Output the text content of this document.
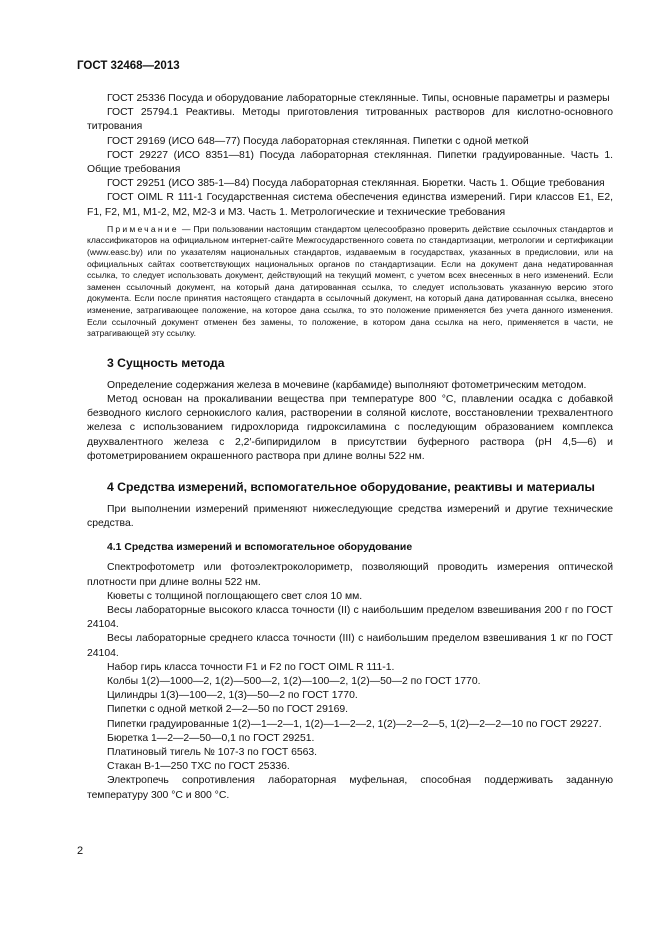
ГОСТ 32468—2013

ГОСТ 25336 Посуда и оборудование лабораторные стеклянные. Типы, основные параметры и размеры

ГОСТ 25794.1 Реактивы. Методы приготовления титрованных растворов для кислотно-основного титрования

ГОСТ 29169 (ИСО 648—77) Посуда лабораторная стеклянная. Пипетки с одной меткой

ГОСТ 29227 (ИСО 8351—81) Посуда лабораторная стеклянная. Пипетки градуированные. Часть 1. Общие требования

ГОСТ 29251 (ИСО 385-1—84) Посуда лабораторная стеклянная. Бюретки. Часть 1. Общие требования

ГОСТ OIML R 111-1 Государственная система обеспечения единства измерений. Гири классов E1, E2, F1, F2, M1, M1-2, M2, M2-3 и M3. Часть 1. Метрологические и технические требования

Примечание — При пользовании настоящим стандартом целесообразно проверить действие ссылочных стандартов и классификаторов на официальном интернет-сайте Межгосударственного совета по стандартизации, метрологии и сертификации (www.easc.by) или по указателям национальных стандартов, издаваемым в государствах, указанных в предисловии, или на официальных сайтах соответствующих национальных органов по стандартизации. Если на документ дана недатированная ссылка, то следует использовать документ, действующий на текущий момент, с учетом всех внесенных в него изменений. Если заменен ссылочный документ, на который дана датированная ссылка, то следует использовать указанную версию этого документа. Если после принятия настоящего стандарта в ссылочный документ, на который дана датированная ссылка, внесено изменение, затрагивающее положение, на которое дана ссылка, то это положение применяется без учета данного изменения. Если ссылочный документ отменен без замены, то положение, в котором дана ссылка на него, применяется в части, не затрагивающей эту ссылку.

3 Сущность метода

Определение содержания железа в мочевине (карбамиде) выполняют фотометрическим методом.

Метод основан на прокаливании вещества при температуре 800 °С, плавлении осадка с добавкой безводного кислого сернокислого калия, растворении в соляной кислоте, восстановлении трехвалентного железа с использованием гидрохлорида гидроксиламина с последующим образованием комплекса двухвалентного железа с 2,2′-бипиридилом в присутствии буферного раствора (pH 4,5—6) и фотометрированием окрашенного раствора при длине волны 522 нм.

4 Средства измерений, вспомогательное оборудование, реактивы и материалы

При выполнении измерений применяют нижеследующие средства измерений и другие технические средства.

4.1 Средства измерений и вспомогательное оборудование

Спектрофотометр или фотоэлектроколориметр, позволяющий проводить измерения оптической плотности при длине волны 522 нм.

Кюветы с толщиной поглощающего свет слоя 10 мм.

Весы лабораторные высокого класса точности (II) с наибольшим пределом взвешивания 200 г по ГОСТ 24104.

Весы лабораторные среднего класса точности (III) с наибольшим пределом взвешивания 1 кг по ГОСТ 24104.

Набор гирь класса точности F1 и F2 по ГОСТ OIML R 111-1.

Колбы 1(2)—1000—2, 1(2)—500—2, 1(2)—100—2, 1(2)—50—2 по ГОСТ 1770.

Цилиндры 1(3)—100—2, 1(3)—50—2 по ГОСТ 1770.

Пипетки с одной меткой 2—2—50 по ГОСТ 29169.

Пипетки градуированные 1(2)—1—2—1, 1(2)—1—2—2, 1(2)—2—2—5, 1(2)—2—2—10 по ГОСТ 29227.

Бюретка 1—2—2—50—0,1 по ГОСТ 29251.

Платиновый тигель № 107-3 по ГОСТ 6563.

Стакан В-1—250 ТХС по ГОСТ 25336.

Электропечь сопротивления лабораторная муфельная, способная поддерживать заданную температуру 300 °С и 800 °С.

2
